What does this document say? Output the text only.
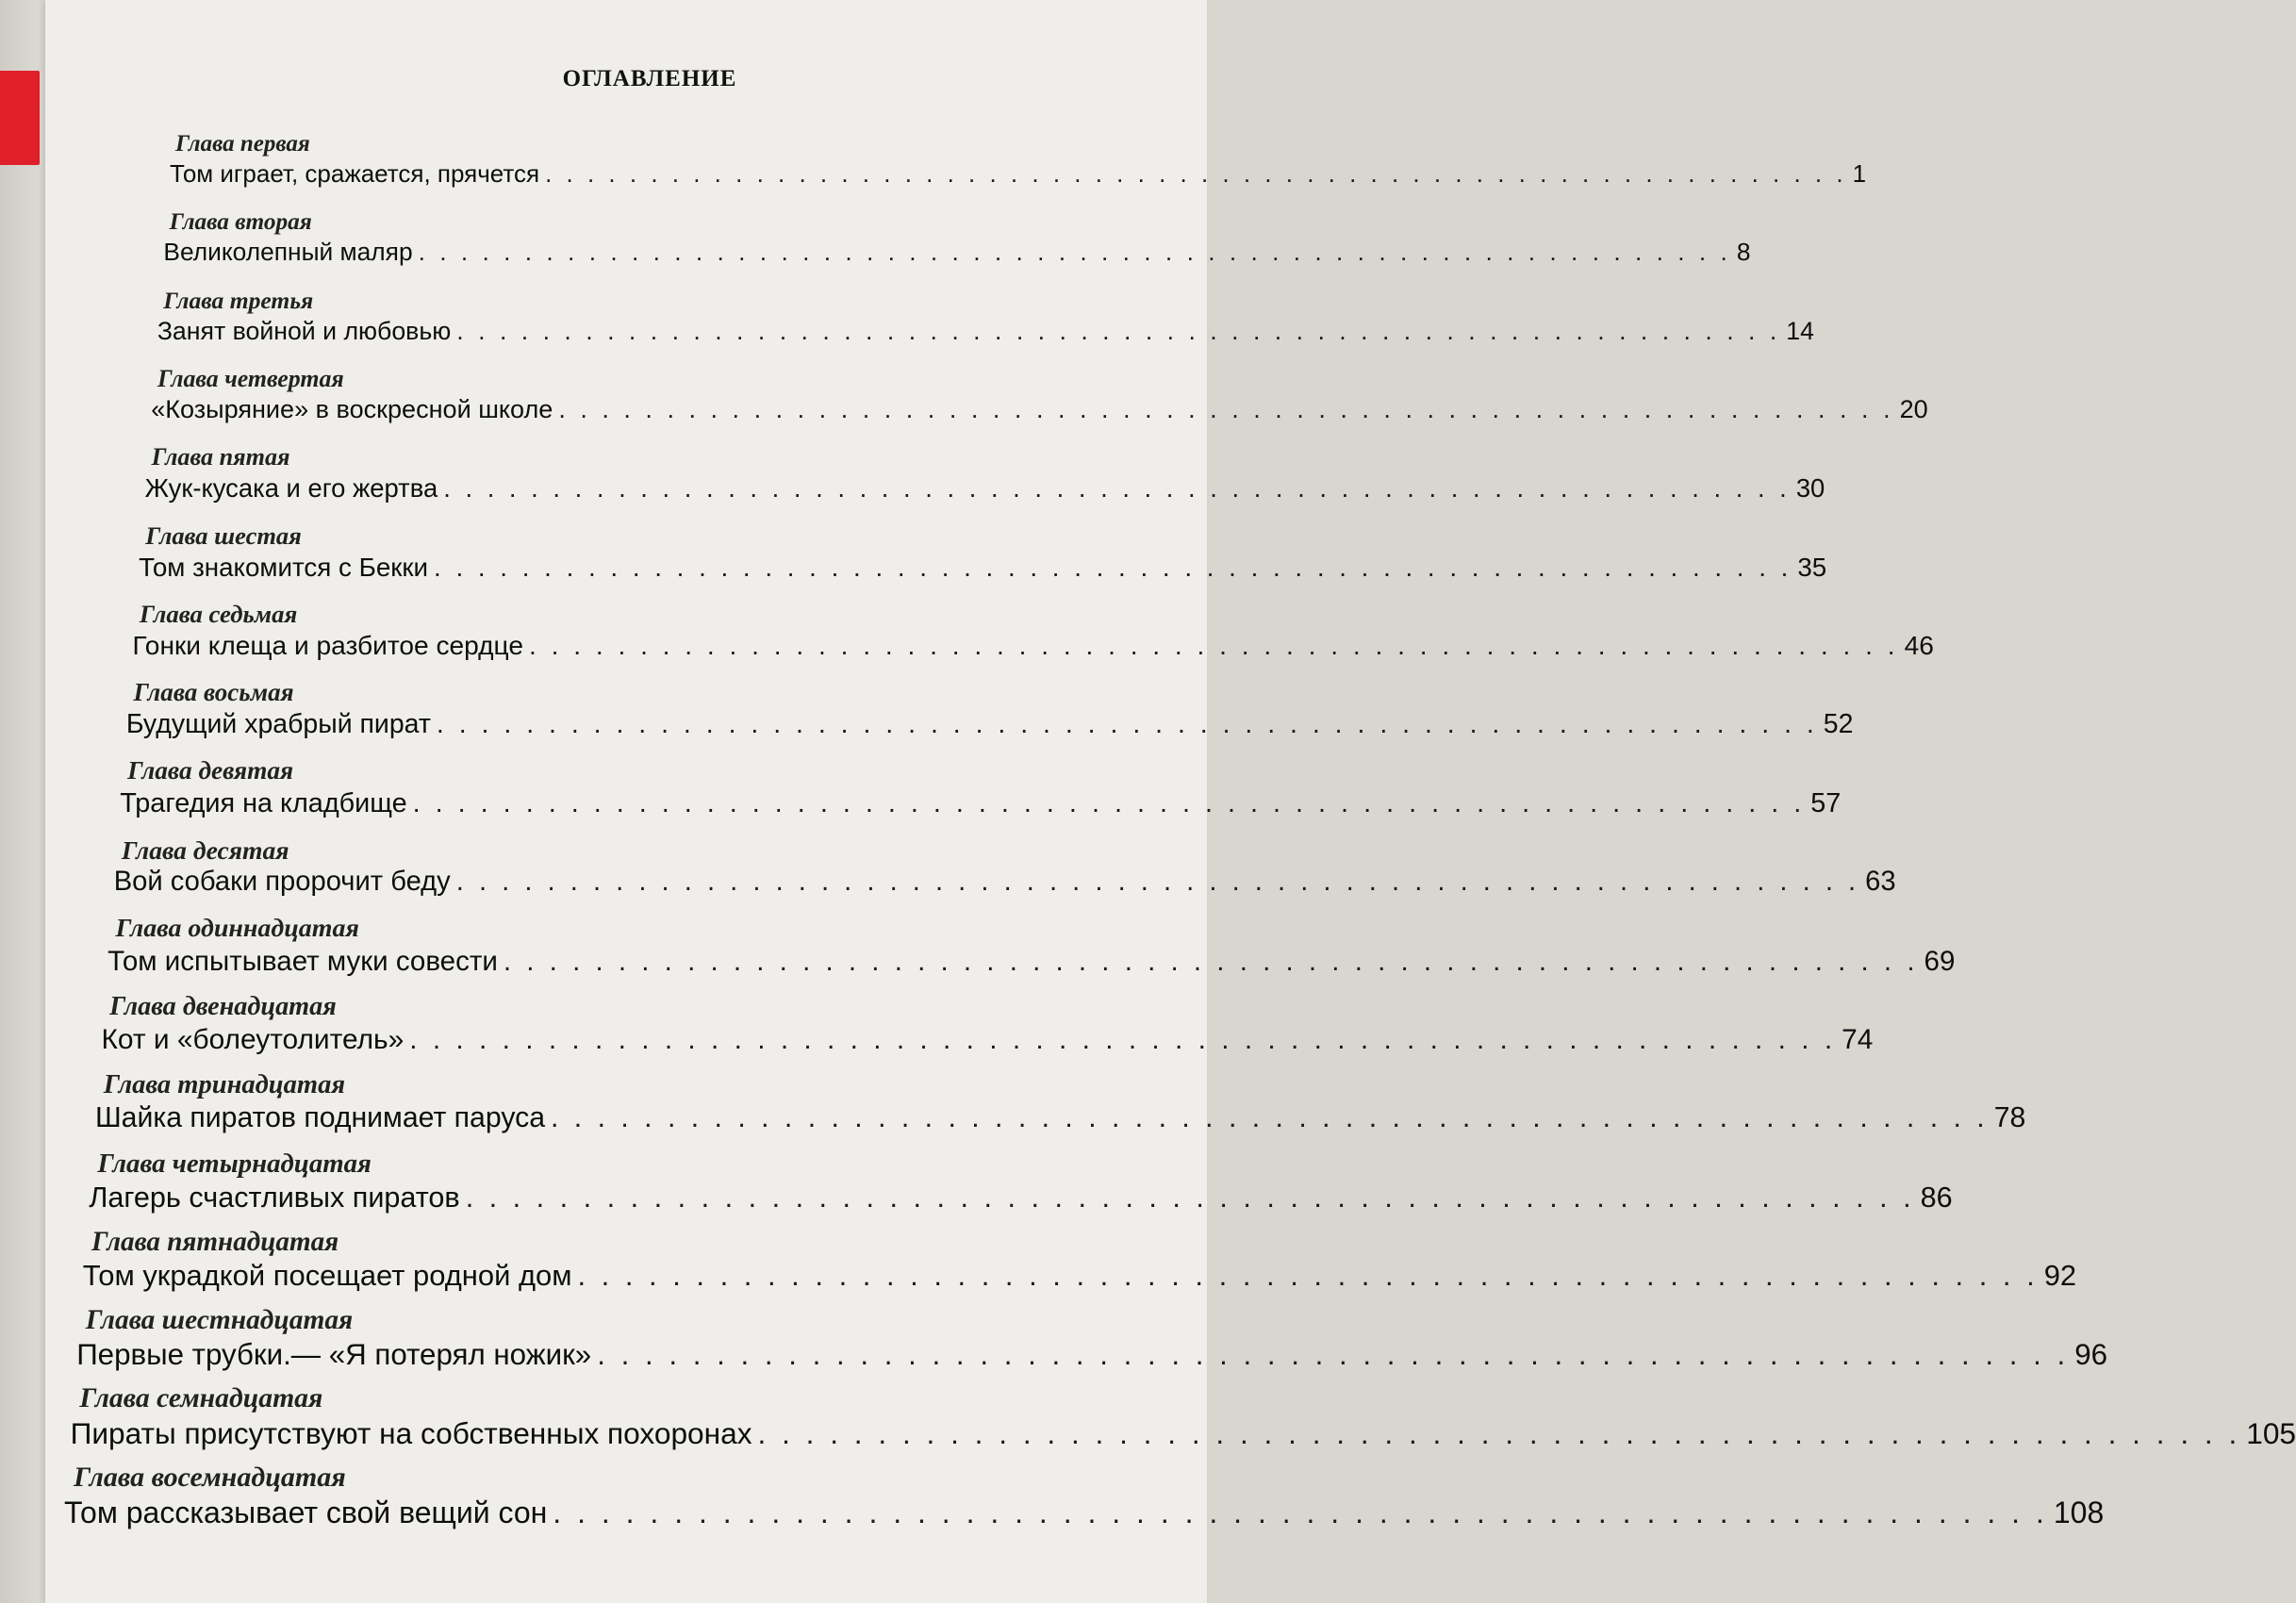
ОГЛАВЛЕНИЕ
Глава первая
Том играет, сражается, прячется . . . . . . . . . . . . . . . . . . . . . . . . . . . . . . . . . . . . . . . . . . . . . . . . . . . . . . . . . . . . . . 1
Глава вторая
Великолепный маляр . . . . . . . . . . . . . . . . . . . . . . . . . . . . . . . . . . . . . . . . . . . . . . . . . . . . . . . . . . . . . . 8
Глава третья
Занят войной и любовью . . . . . . . . . . . . . . . . . . . . . . . . . . . . . . . . . . . . . . . . . . . . . . . . . . . . . . . . . . . . . . 14
Глава четвертая
«Козыряние» в воскресной школе . . . . . . . . . . . . . . . . . . . . . . . . . . . . . . . . . . . . . . . . . . . . . . . . . . . . . . . . . . . . . . 20
Глава пятая
Жук-кусака и его жертва . . . . . . . . . . . . . . . . . . . . . . . . . . . . . . . . . . . . . . . . . . . . . . . . . . . . . . . . . . . . . . 30
Глава шестая
Том знакомится с Бекки . . . . . . . . . . . . . . . . . . . . . . . . . . . . . . . . . . . . . . . . . . . . . . . . . . . . . . . . . . . . . . 35
Глава седьмая
Гонки клеща и разбитое сердце . . . . . . . . . . . . . . . . . . . . . . . . . . . . . . . . . . . . . . . . . . . . . . . . . . . . . . . . . . . . . . 46
Глава восьмая
Будущий храбрый пират . . . . . . . . . . . . . . . . . . . . . . . . . . . . . . . . . . . . . . . . . . . . . . . . . . . . . . . . . . . . . . 52
Глава девятая
Трагедия на кладбище . . . . . . . . . . . . . . . . . . . . . . . . . . . . . . . . . . . . . . . . . . . . . . . . . . . . . . . . . . . . . . 57
Глава десятая
Вой собаки пророчит беду . . . . . . . . . . . . . . . . . . . . . . . . . . . . . . . . . . . . . . . . . . . . . . . . . . . . . . . . . . . . . . 63
Глава одиннадцатая
Том испытывает муки совести . . . . . . . . . . . . . . . . . . . . . . . . . . . . . . . . . . . . . . . . . . . . . . . . . . . . . . . . . . . . . . 69
Глава двенадцатая
Кот и «болеутолитель» . . . . . . . . . . . . . . . . . . . . . . . . . . . . . . . . . . . . . . . . . . . . . . . . . . . . . . . . . . . . . . 74
Глава тринадцатая
Шайка пиратов поднимает паруса . . . . . . . . . . . . . . . . . . . . . . . . . . . . . . . . . . . . . . . . . . . . . . . . . . . . . . . . . . . . . . 78
Глава четырнадцатая
Лагерь счастливых пиратов . . . . . . . . . . . . . . . . . . . . . . . . . . . . . . . . . . . . . . . . . . . . . . . . . . . . . . . . . . . . . . 86
Глава пятнадцатая
Том украдкой посещает родной дом . . . . . . . . . . . . . . . . . . . . . . . . . . . . . . . . . . . . . . . . . . . . . . . . . . . . . . . . . . . . . . 92
Глава шестнадцатая
Первые трубки.— «Я потерял ножик» . . . . . . . . . . . . . . . . . . . . . . . . . . . . . . . . . . . . . . . . . . . . . . . . . . . . . . . . . . . . . . 96
Глава семнадцатая
Пираты присутствуют на собственных похоронах . . . . . . . . . . . . . . . . . . . . . . . . . . . . . . . . . . . . . . . . . . . . . . . . . . . . . . . . . . . . . . 105
Глава восемнадцатая
Том рассказывает свой вещий сон . . . . . . . . . . . . . . . . . . . . . . . . . . . . . . . . . . . . . . . . . . . . . . . . . . . . . . . . . . . . . . 108
